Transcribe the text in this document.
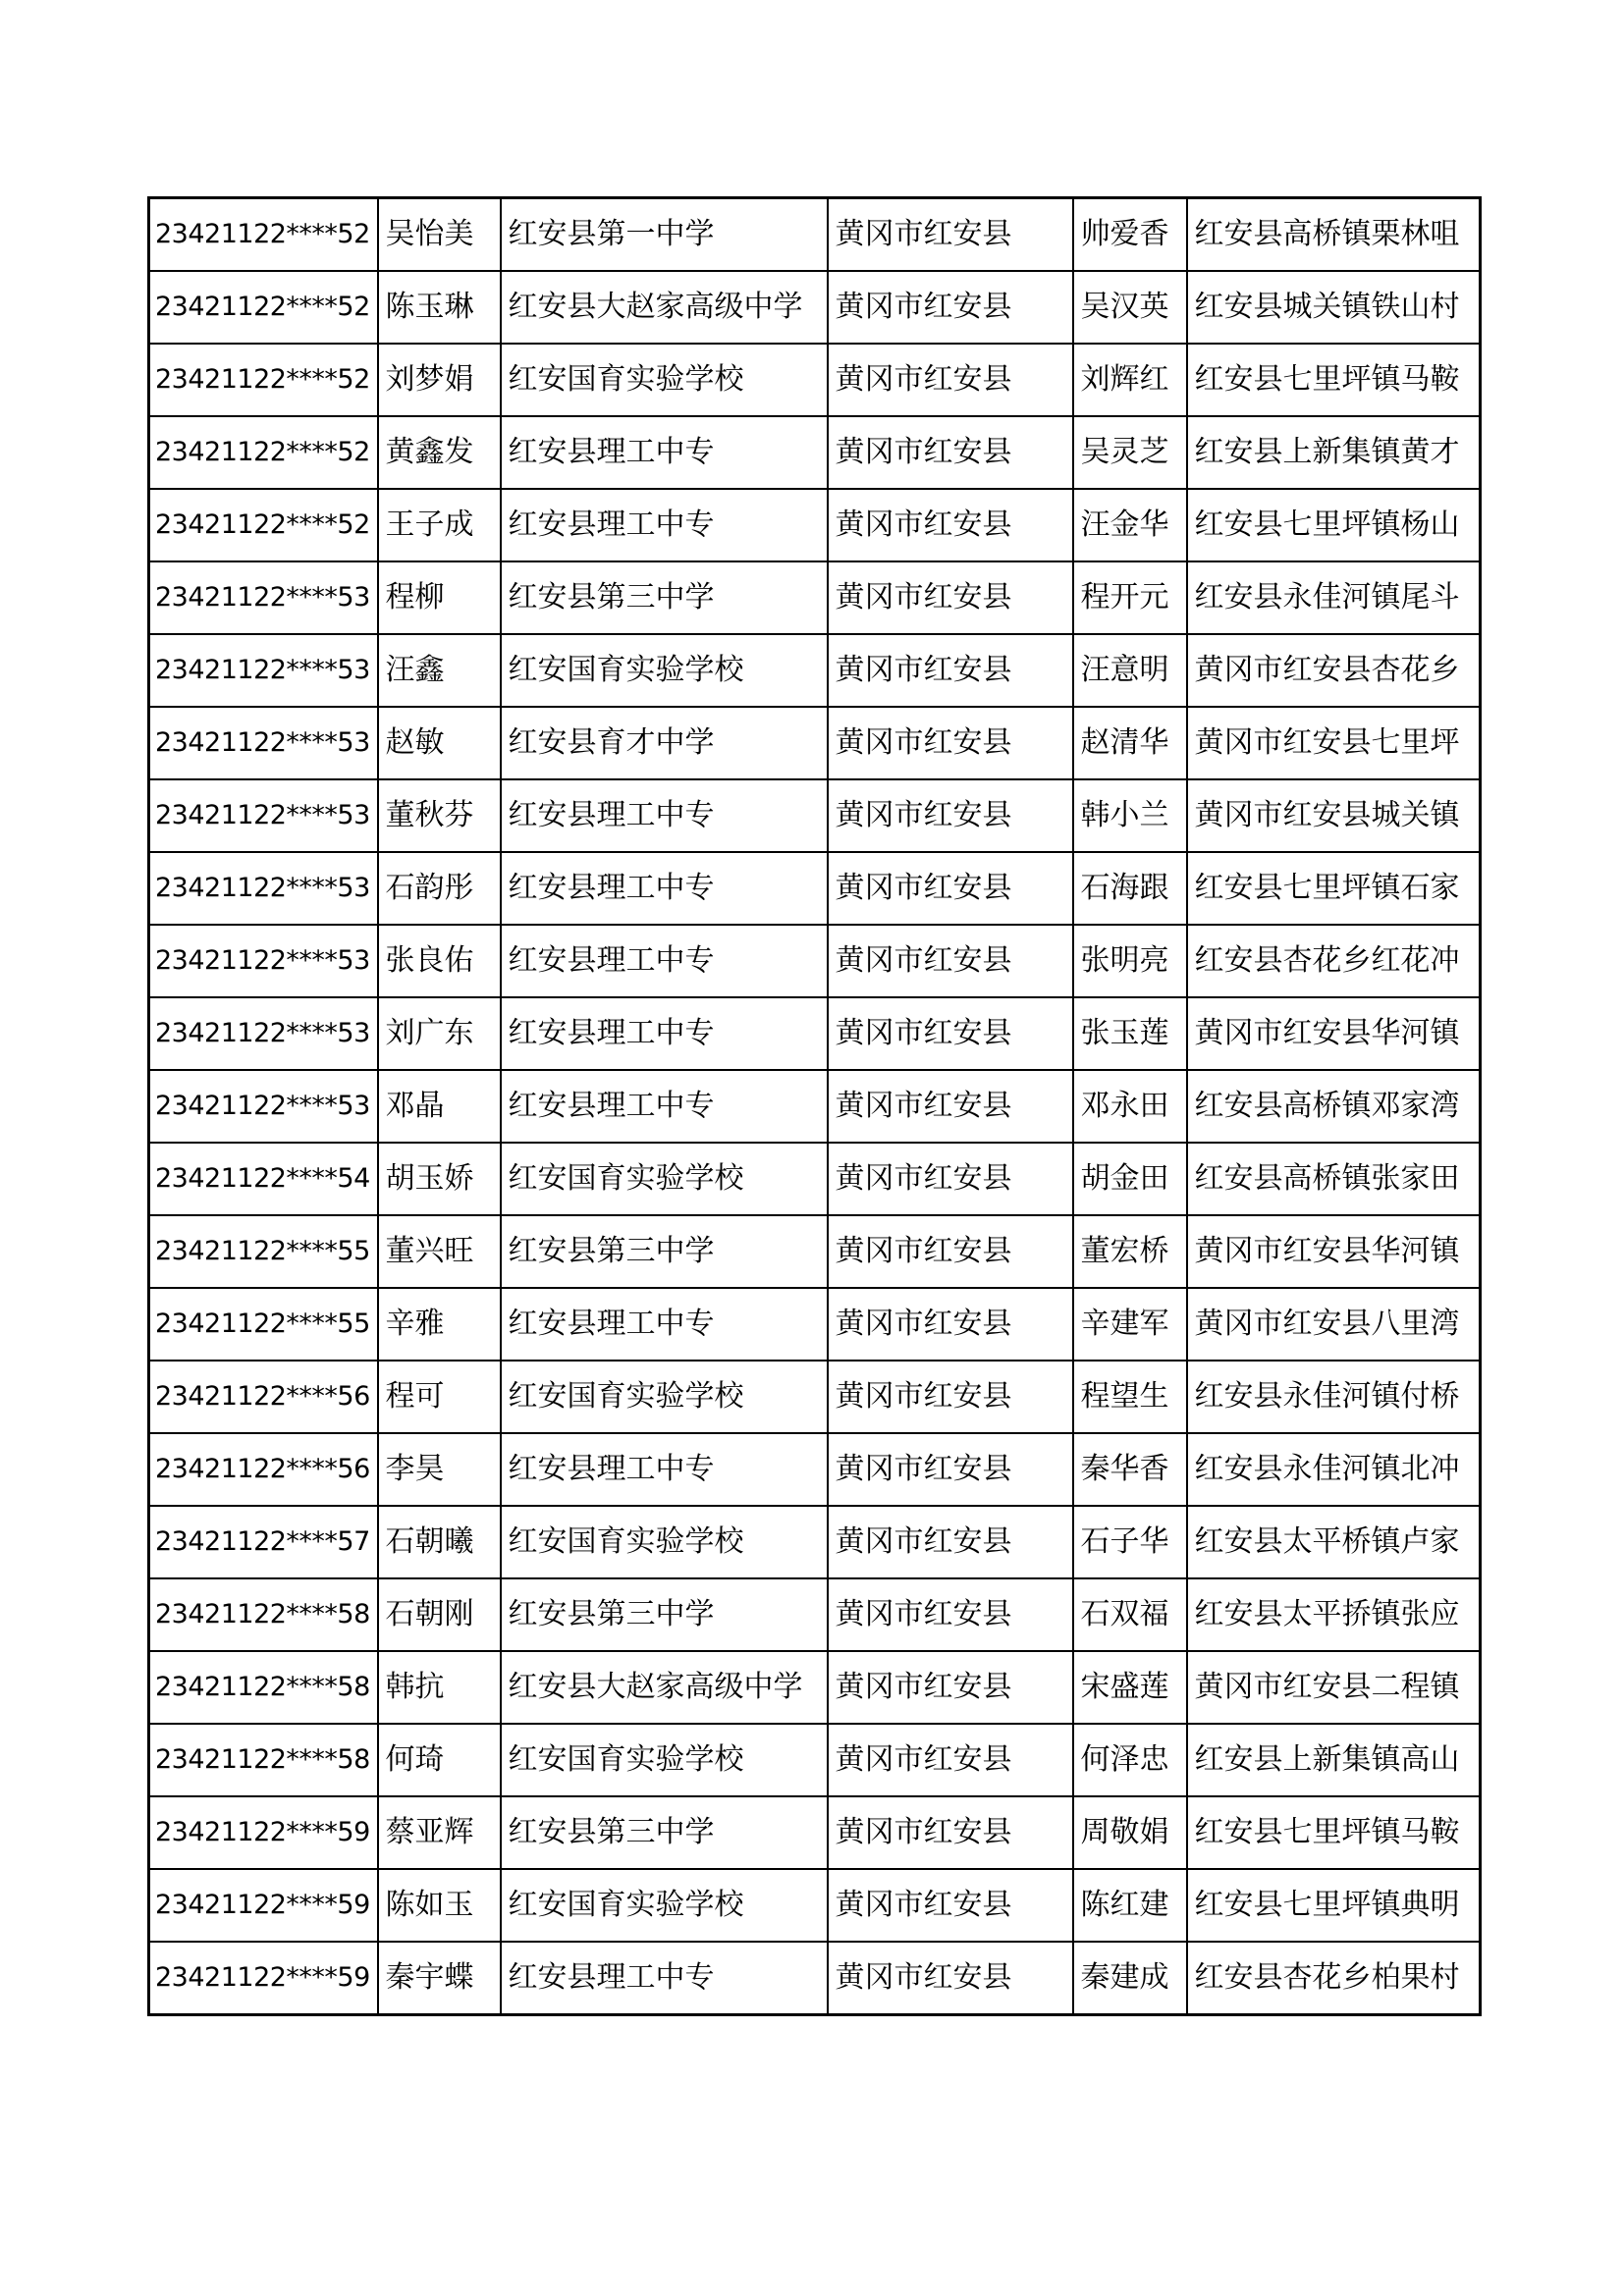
23421122****52	吴怡美	红安县第一中学	黄冈市红安县	帅爱香	红安县高桥镇栗林咀
23421122****52	陈玉琳	红安县大赵家高级中学	黄冈市红安县	吴汉英	红安县城关镇铁山村
23421122****52	刘梦娟	红安国育实验学校	黄冈市红安县	刘辉红	红安县七里坪镇马鞍
23421122****52	黄鑫发	红安县理工中专	黄冈市红安县	吴灵芝	红安县上新集镇黄才
23421122****52	王子成	红安县理工中专	黄冈市红安县	汪金华	红安县七里坪镇杨山
23421122****53	程柳	红安县第三中学	黄冈市红安县	程开元	红安县永佳河镇尾斗
23421122****53	汪鑫	红安国育实验学校	黄冈市红安县	汪意明	黄冈市红安县杏花乡
23421122****53	赵敏	红安县育才中学	黄冈市红安县	赵清华	黄冈市红安县七里坪
23421122****53	董秋芬	红安县理工中专	黄冈市红安县	韩小兰	黄冈市红安县城关镇
23421122****53	石韵彤	红安县理工中专	黄冈市红安县	石海跟	红安县七里坪镇石家
23421122****53	张良佑	红安县理工中专	黄冈市红安县	张明亮	红安县杏花乡红花冲
23421122****53	刘广东	红安县理工中专	黄冈市红安县	张玉莲	黄冈市红安县华河镇
23421122****53	邓晶	红安县理工中专	黄冈市红安县	邓永田	红安县高桥镇邓家湾
23421122****54	胡玉娇	红安国育实验学校	黄冈市红安县	胡金田	红安县高桥镇张家田
23421122****55	董兴旺	红安县第三中学	黄冈市红安县	董宏桥	黄冈市红安县华河镇
23421122****55	辛雅	红安县理工中专	黄冈市红安县	辛建军	黄冈市红安县八里湾
23421122****56	程可	红安国育实验学校	黄冈市红安县	程望生	红安县永佳河镇付桥
23421122****56	李昊	红安县理工中专	黄冈市红安县	秦华香	红安县永佳河镇北冲
23421122****57	石朝曦	红安国育实验学校	黄冈市红安县	石子华	红安县太平桥镇卢家
23421122****58	石朝刚	红安县第三中学	黄冈市红安县	石双福	红安县太平挢镇张应
23421122****58	韩抗	红安县大赵家高级中学	黄冈市红安县	宋盛莲	黄冈市红安县二程镇
23421122****58	何琦	红安国育实验学校	黄冈市红安县	何泽忠	红安县上新集镇高山
23421122****59	蔡亚辉	红安县第三中学	黄冈市红安县	周敬娟	红安县七里坪镇马鞍
23421122****59	陈如玉	红安国育实验学校	黄冈市红安县	陈红建	红安县七里坪镇典明
23421122****59	秦宇蝶	红安县理工中专	黄冈市红安县	秦建成	红安县杏花乡柏果村
